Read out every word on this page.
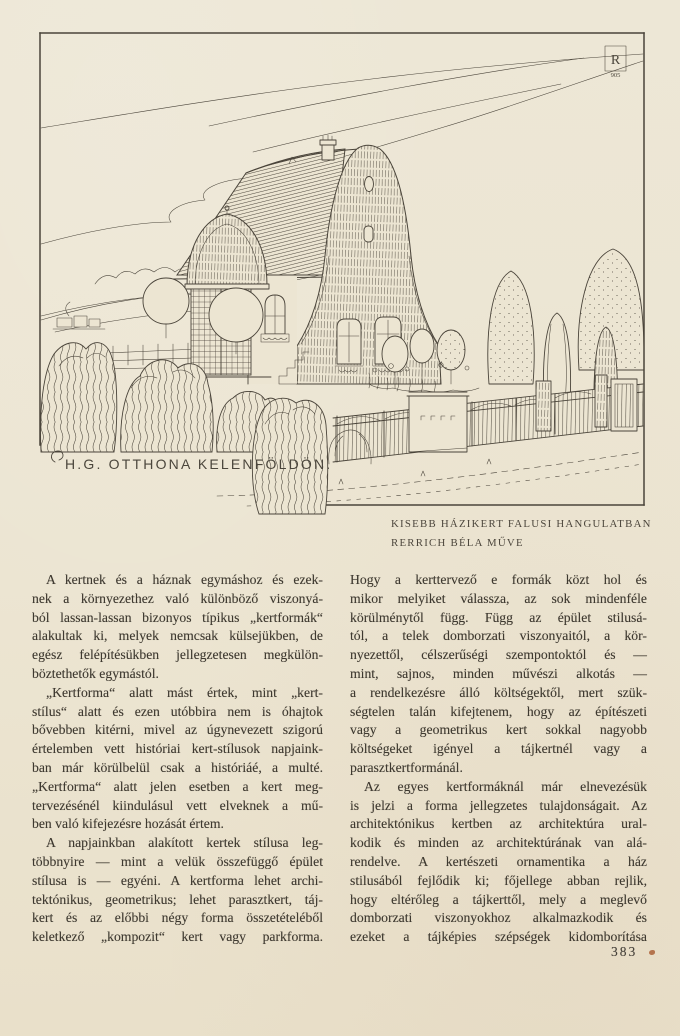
H.G. OTTHONA KELENFÖLDÖN.
R
905
KISEBB HÁZIKERT FALUSI HANGULATBAN
RERRICH BÉLA MŰVE
A kertnek és a háznak egymáshoz és ezek-
nek a környezethez való különböző viszonyá-
ból lassan-lassan bizonyos típikus „kertformák“
alakultak ki, melyek nemcsak külsejükben, de
egész felépítésükben jellegzetesen megkülön-
böztethetők egymástól.
„Kertforma“ alatt mást értek, mint „kert-
stílus“ alatt és ezen utóbbira nem is óhajtok
bővebben kitérni, mivel az úgynevezett szigorú
értelemben vett históriai kert-stílusok napjaink-
ban már körülbelül csak a históriáé, a multé.
„Kertforma“ alatt jelen esetben a kert meg-
tervezésénél kiindulásul vett elveknek a mű-
ben való kifejezésre hozását értem.
A napjainkban alakított kertek stílusa leg-
többnyire — mint a velük összefüggő épület
stílusa is — egyéni. A kertforma lehet archi-
tektónikus, geometrikus; lehet parasztkert, táj-
kert és az előbbi négy forma összetételéből
keletkező „kompozit“ kert vagy parkforma.
Hogy a kerttervező e formák közt hol és
mikor melyiket válassza, az sok mindenféle
körülménytől függ. Függ az épület stilusá-
tól, a telek domborzati viszonyaitól, a kör-
nyezettől, célszerűségi szempontoktól és —
mint, sajnos, minden művészi alkotás —
a rendelkezésre álló költségektől, mert szük-
ségtelen talán kifejtenem, hogy az építészeti
vagy a geometrikus kert sokkal nagyobb
költségeket igényel a tájkertnél vagy a
parasztkertformánál.
Az egyes kertformáknál már elnevezésük
is jelzi a forma jellegzetes tulajdonságait. Az
architektónikus kertben az architektúra ural-
kodik és minden az architektúrának van alá-
rendelve. A kertészeti ornamentika a ház
stilusából fejlődik ki; főjellege abban rejlik,
hogy eltérőleg a tájkerttől, mely a meglevő
domborzati viszonyokhoz alkalmazkodik és
ezeket a tájképies szépségek kidomborítása
383
